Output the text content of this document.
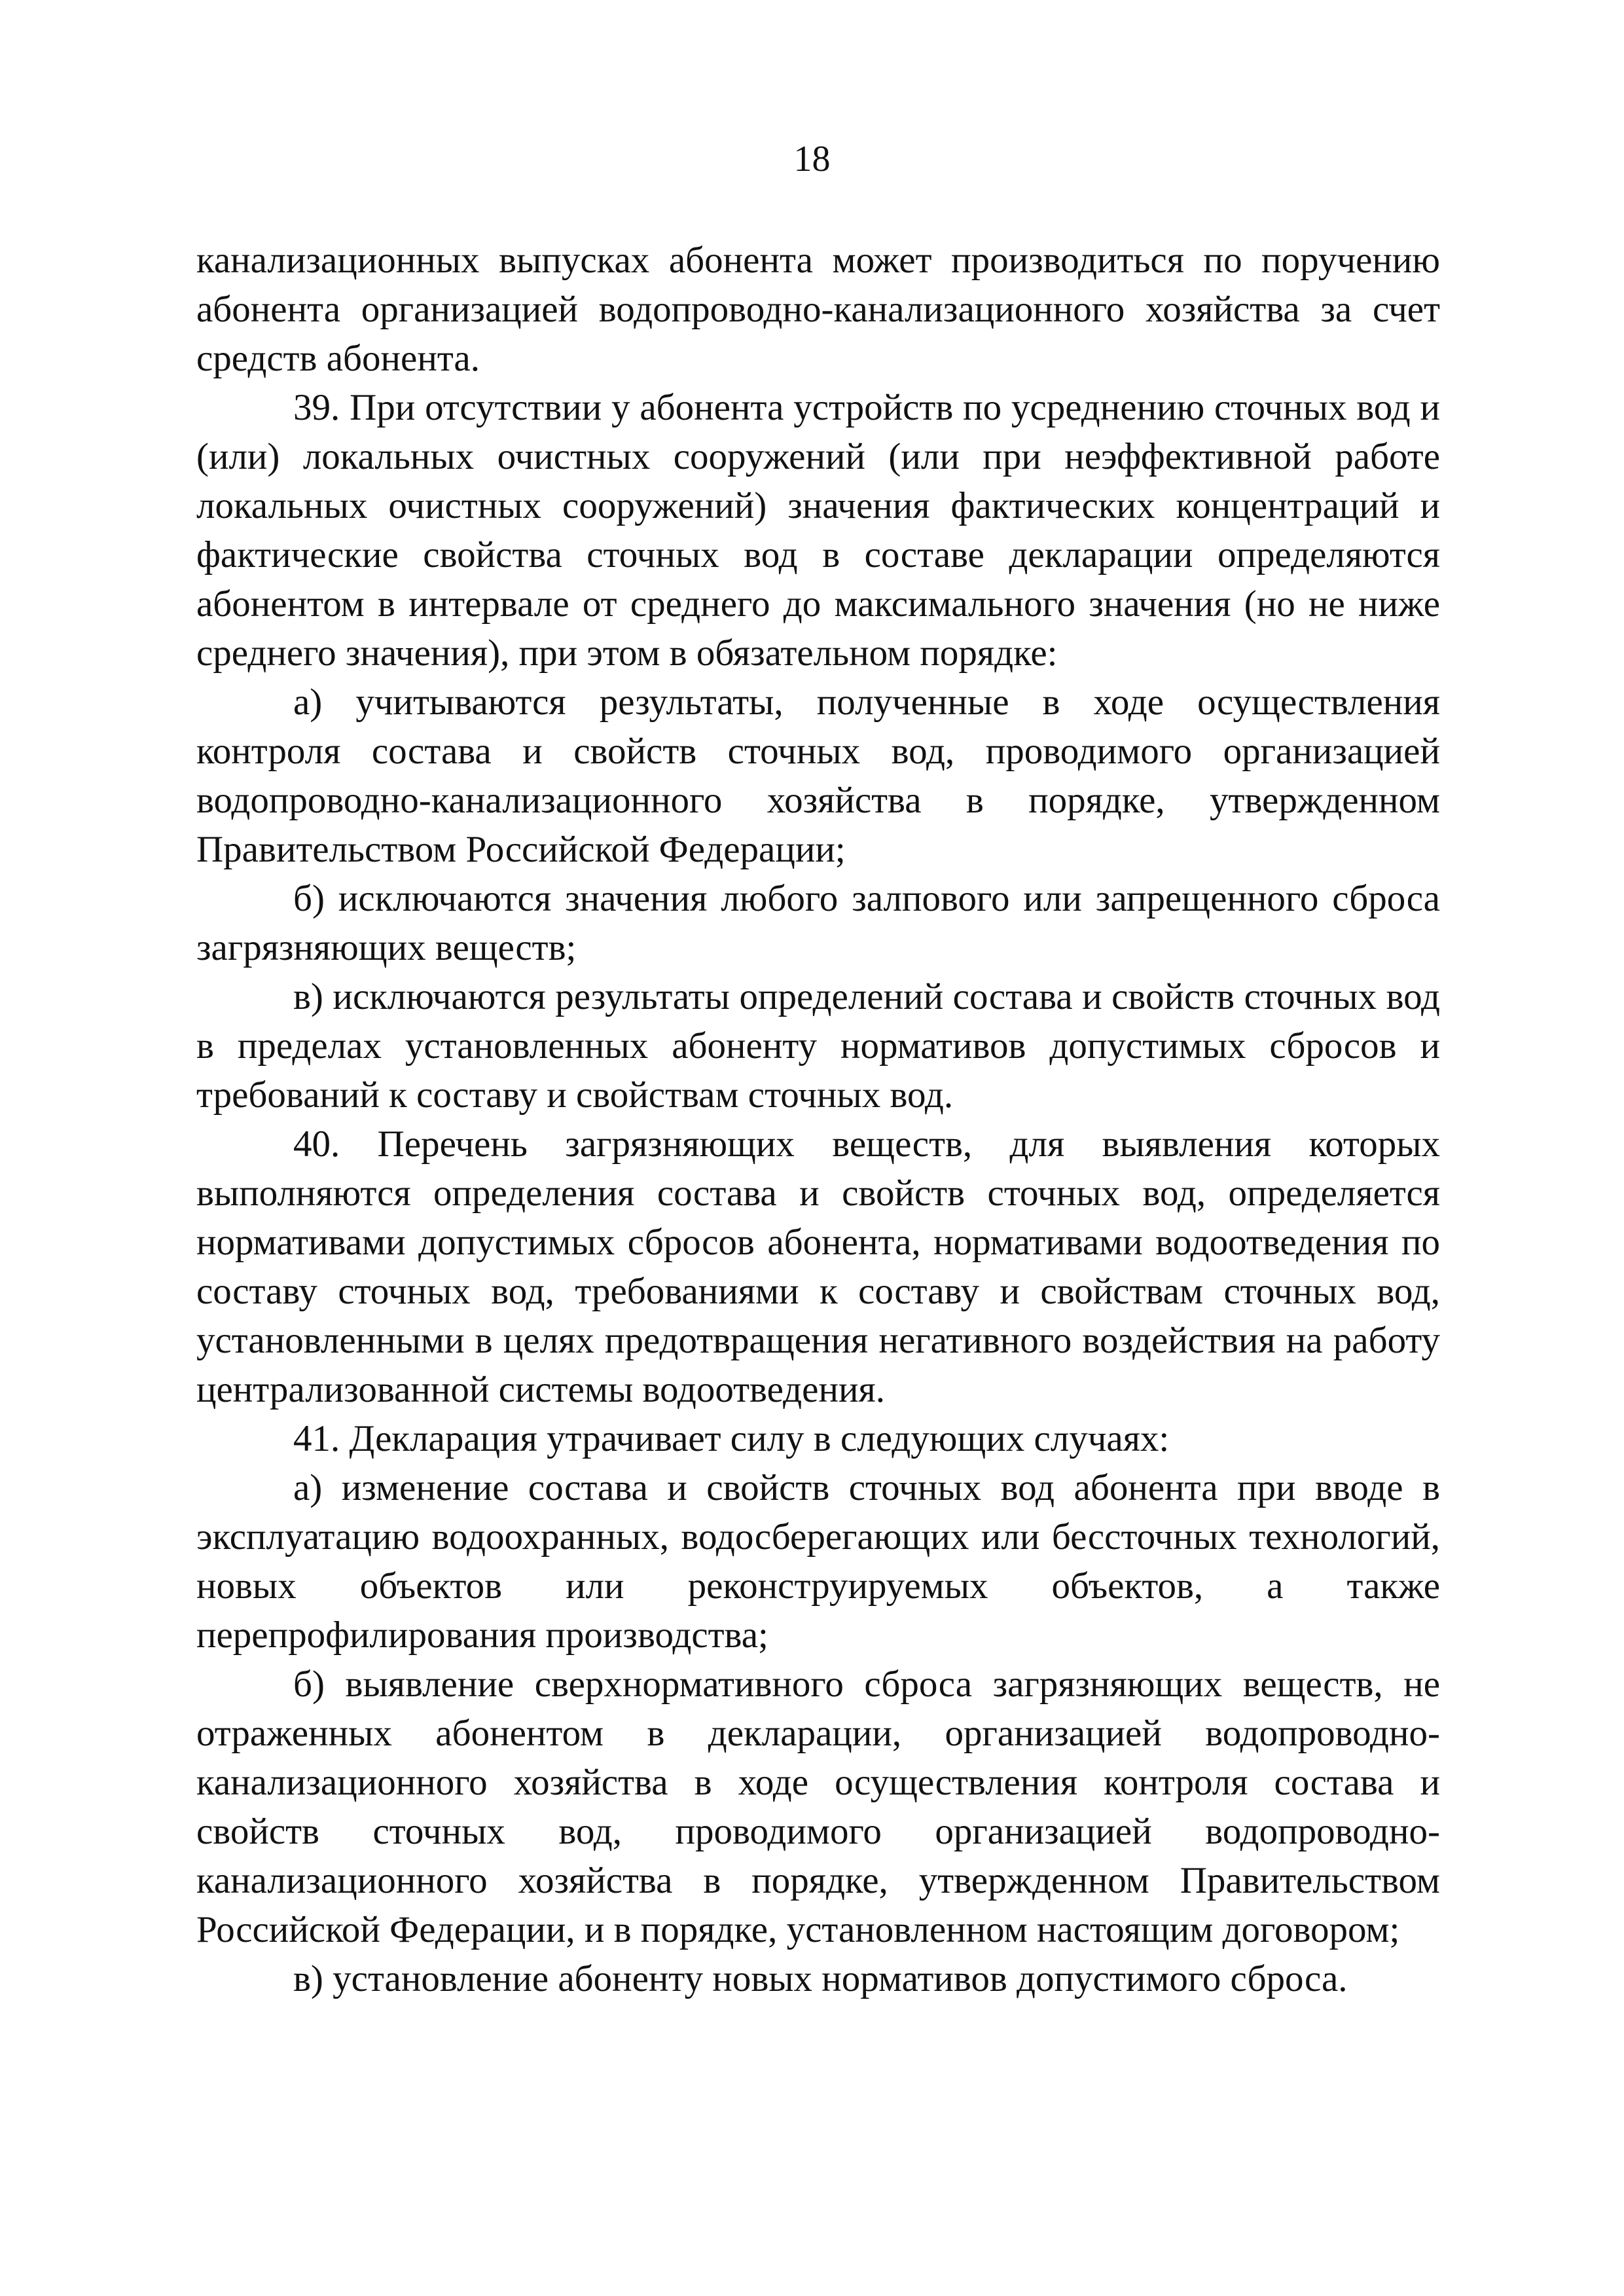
18

канализационных выпусках абонента может производиться по поручению абонента организацией водопроводно-канализационного хозяйства за счет средств абонента.

39. При отсутствии у абонента устройств по усреднению сточных вод и (или) локальных очистных сооружений (или при неэффективной работе локальных очистных сооружений) значения фактических концентраций и фактические свойства сточных вод в составе декларации определяются абонентом в интервале от среднего до максимального значения (но не ниже среднего значения), при этом в обязательном порядке:

а) учитываются результаты, полученные в ходе осуществления контроля состава и свойств сточных вод, проводимого организацией водопроводно-канализационного хозяйства в порядке, утвержденном Правительством Российской Федерации;

б) исключаются значения любого залпового или запрещенного сброса загрязняющих веществ;

в) исключаются результаты определений состава и свойств сточных вод в пределах установленных абоненту нормативов допустимых сбросов и требований к составу и свойствам сточных вод.

40. Перечень загрязняющих веществ, для выявления которых выполняются определения состава и свойств сточных вод, определяется нормативами допустимых сбросов абонента, нормативами водоотведения по составу сточных вод, требованиями к составу и свойствам сточных вод, установленными в целях предотвращения негативного воздействия на работу централизованной системы водоотведения.

41. Декларация утрачивает силу в следующих случаях:

а) изменение состава и свойств сточных вод абонента при вводе в эксплуатацию водоохранных, водосберегающих или бессточных технологий, новых объектов или реконструируемых объектов, а также перепрофилирования производства;

б) выявление сверхнормативного сброса загрязняющих веществ, не отраженных абонентом в декларации, организацией водопроводно-канализационного хозяйства в ходе осуществления контроля состава и свойств сточных вод, проводимого организацией водопроводно-канализационного хозяйства в порядке, утвержденном Правительством Российской Федерации, и в порядке, установленном настоящим договором;

в) установление абоненту новых нормативов допустимого сброса.
